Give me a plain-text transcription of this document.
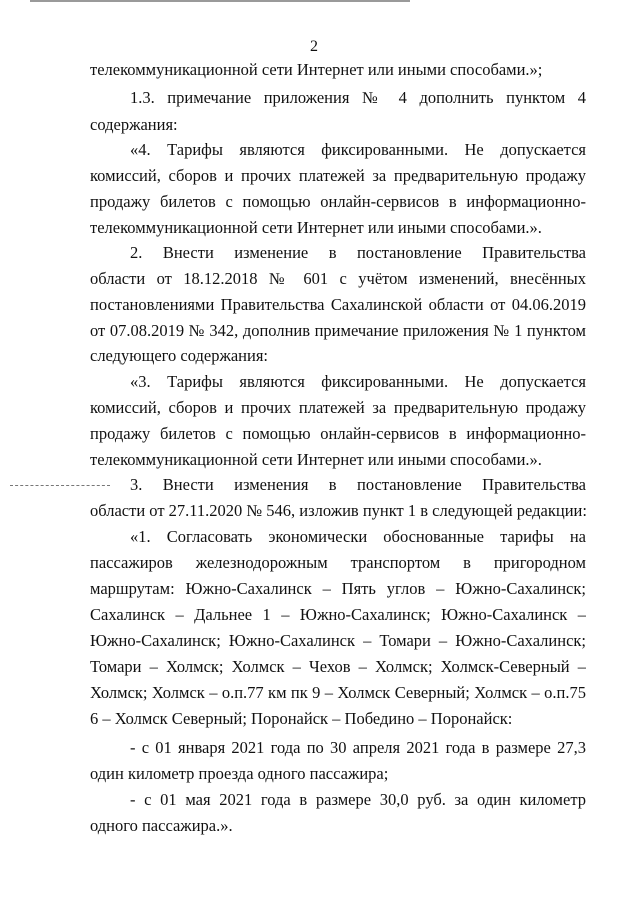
2
телекоммуникационной сети Интернет или иными способами.»;
1.3. примечание приложения № 4 дополнить пунктом 4
содержания:
«4. Тарифы являются фиксированными. Не допускается
комиссий, сборов и прочих платежей за предварительную продажу
продажу билетов с помощью онлайн-сервисов в информационно-
телекоммуникационной сети Интернет или иными способами.».
2. Внести изменение в постановление Правительства
области от 18.12.2018 № 601 с учётом изменений, внесённых
постановлениями Правительства Сахалинской области от 04.06.2019
от 07.08.2019 № 342, дополнив примечание приложения № 1 пунктом
следующего содержания:
«3. Тарифы являются фиксированными. Не допускается
комиссий, сборов и прочих платежей за предварительную продажу
продажу билетов с помощью онлайн-сервисов в информационно-
телекоммуникационной сети Интернет или иными способами.».
3. Внести изменения в постановление Правительства
области от 27.11.2020 № 546, изложив пункт 1 в следующей редакции:
«1. Согласовать экономически обоснованные тарифы на
пассажиров железнодорожным транспортом в пригородном
маршрутам: Южно-Сахалинск – Пять углов – Южно-Сахалинск;
Сахалинск – Дальнее 1 – Южно-Сахалинск; Южно-Сахалинск –
Южно-Сахалинск; Южно-Сахалинск – Томари – Южно-Сахалинск;
Томари – Холмск; Холмск – Чехов – Холмск; Холмск-Северный –
Холмск; Холмск – о.п.77 км пк 9 – Холмск Северный; Холмск – о.п.75
6 – Холмск Северный; Поронайск – Победино – Поронайск:
- с 01 января 2021 года по 30 апреля 2021 года в размере 27,3
один километр проезда одного пассажира;
- с 01 мая 2021 года в размере 30,0 руб. за один километр
одного пассажира.».
